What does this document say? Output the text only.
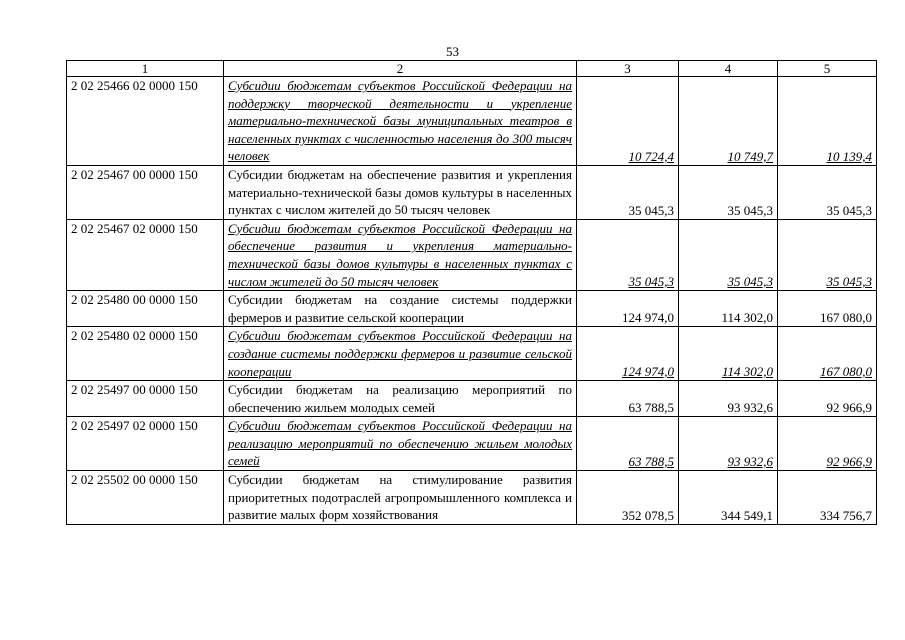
53
1	2	3	4	5
2 02 25466 02 0000 150	Субсидии бюджетам субъектов Российской Федерации на поддержку творческой деятельности и укрепление материально-технической базы муниципальных театров в населенных пунктах с численностью населения до 300 тысяч человек	10 724,4	10 749,7	10 139,4
2 02 25467 00 0000 150	Субсидии бюджетам на обеспечение развития и укрепления материально-технической базы домов культуры в населенных пунктах с числом жителей до 50 тысяч человек	35 045,3	35 045,3	35 045,3
2 02 25467 02 0000 150	Субсидии бюджетам субъектов Российской Федерации на обеспечение развития и укрепления материально-технической базы домов культуры в населенных пунктах с числом жителей до 50 тысяч человек	35 045,3	35 045,3	35 045,3
2 02 25480 00 0000 150	Субсидии бюджетам на создание системы поддержки фермеров и развитие сельской кооперации	124 974,0	114 302,0	167 080,0
2 02 25480 02 0000 150	Субсидии бюджетам субъектов Российской Федерации на создание системы поддержки фермеров и развитие сельской кооперации	124 974,0	114 302,0	167 080,0
2 02 25497 00 0000 150	Субсидии бюджетам на реализацию мероприятий по обеспечению жильем молодых семей	63 788,5	93 932,6	92 966,9
2 02 25497 02 0000 150	Субсидии бюджетам субъектов Российской Федерации на реализацию мероприятий по обеспечению жильем молодых семей	63 788,5	93 932,6	92 966,9
2 02 25502 00 0000 150	Субсидии бюджетам на стимулирование развития приоритетных подотраслей агропромышленного комплекса и развитие малых форм хозяйствования	352 078,5	344 549,1	334 756,7
